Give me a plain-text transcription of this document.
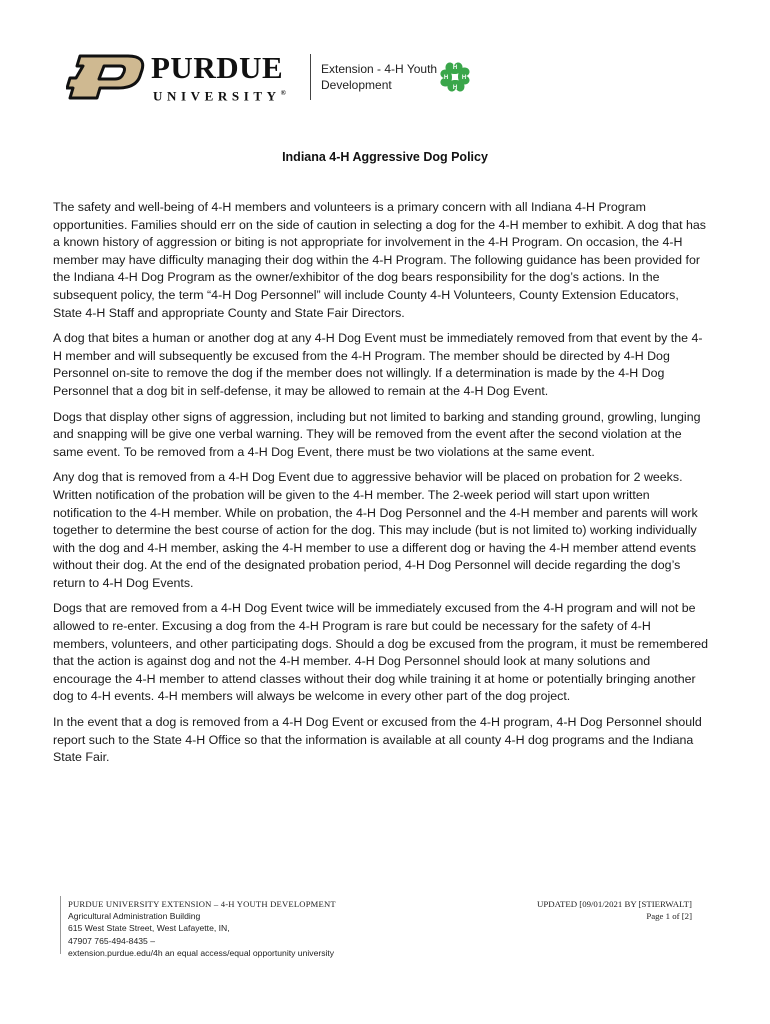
PURDUE
UNIVERSITY®
Extension - 4-H Youth
Development
H
H
H
H
Indiana 4-H Aggressive Dog Policy

The safety and well-being of 4-H members and volunteers is a primary concern with all Indiana 4-H Program opportunities. Families should err on the side of caution in selecting a dog for the 4-H member to exhibit. A dog that has a known history of aggression or biting is not appropriate for involvement in the 4-H Program. On occasion, the 4-H member may have difficulty managing their dog within the 4-H Program. The following guidance has been provided for the Indiana 4-H Dog Program as the owner/exhibitor of the dog bears responsibility for the dog’s actions. In the subsequent policy, the term “4-H Dog Personnel” will include County 4-H Volunteers, County Extension Educators, State 4-H Staff and appropriate County and State Fair Directors.

A dog that bites a human or another dog at any 4-H Dog Event must be immediately removed from that event by the 4-H member and will subsequently be excused from the 4-H Program. The member should be directed by 4-H Dog Personnel on-site to remove the dog if the member does not willingly. If a determination is made by the 4-H Dog Personnel that a dog bit in self-defense, it may be allowed to remain at the 4-H Dog Event.

Dogs that display other signs of aggression, including but not limited to barking and standing ground, growling, lunging and snapping will be give one verbal warning. They will be removed from the event after the second violation at the same event. To be removed from a 4-H Dog Event, there must be two violations at the same event.

Any dog that is removed from a 4-H Dog Event due to aggressive behavior will be placed on probation for 2 weeks. Written notification of the probation will be given to the 4-H member. The 2-week period will start upon written notification to the 4-H member. While on probation, the 4-H Dog Personnel and the 4-H member and parents will work together to determine the best course of action for the dog. This may include (but is not limited to) working individually with the dog and 4-H member, asking the 4-H member to use a different dog or having the 4-H member attend events without their dog. At the end of the designated probation period, 4-H Dog Personnel will decide regarding the dog’s return to 4-H Dog Events.

Dogs that are removed from a 4-H Dog Event twice will be immediately excused from the 4-H program and will not be allowed to re-enter. Excusing a dog from the 4-H Program is rare but could be necessary for the safety of 4-H members, volunteers, and other participating dogs. Should a dog be excused from the program, it must be remembered that the action is against dog and not the 4-H member. 4-H Dog Personnel should look at many solutions and encourage the 4-H member to attend classes without their dog while training it at home or potentially bringing another dog to 4-H events. 4-H members will always be welcome in every other part of the dog project.

In the event that a dog is removed from a 4-H Dog Event or excused from the 4-H program, 4-H Dog Personnel should report such to the State 4-H Office so that the information is available at all county 4-H dog programs and the Indiana State Fair.

PURDUE UNIVERSITY EXTENSION – 4-H YOUTH DEVELOPMENT
Agricultural Administration Building
615 West State Street, West Lafayette, IN,
47907 765-494-8435 –
extension.purdue.edu/4h an equal access/equal opportunity university
UPDATED [09/01/2021 BY [STIERWALT]
Page 1 of [2]
